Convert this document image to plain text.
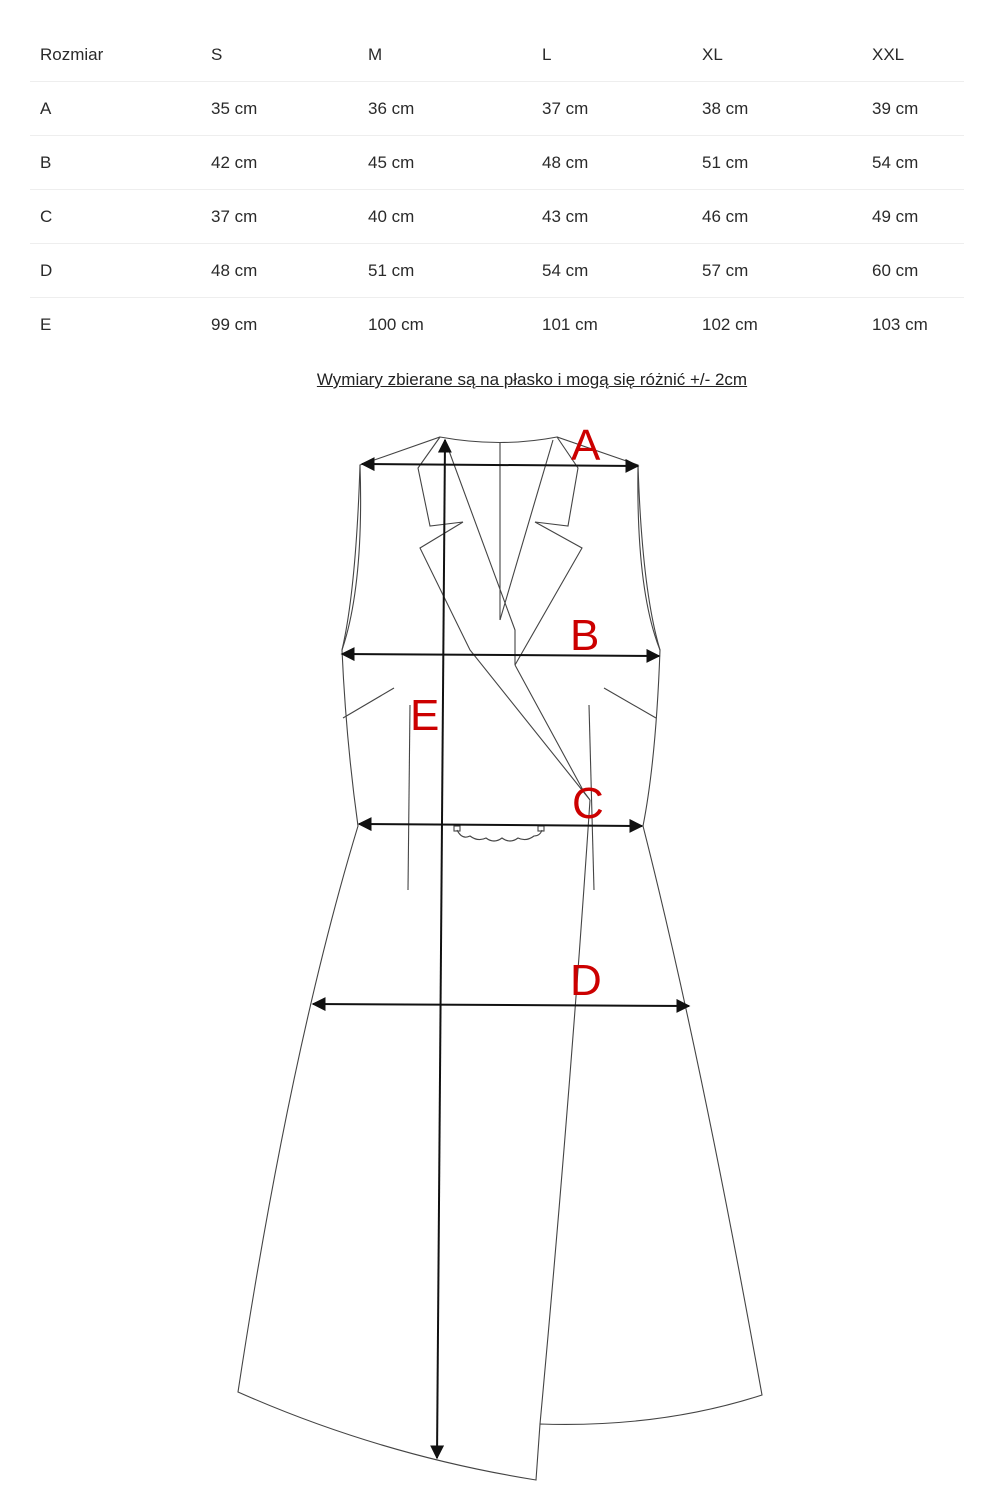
Rozmiar	S	M	L	XL	XXL
A	35 cm	36 cm	37 cm	38 cm	39 cm
B	42 cm	45 cm	48 cm	51 cm	54 cm
C	37 cm	40 cm	43 cm	46 cm	49 cm
D	48 cm	51 cm	54 cm	57 cm	60 cm
E	99 cm	100 cm	101 cm	102 cm	103 cm
Wymiary zbierane są na płasko i mogą się różnić +/- 2cm
A
B
C
D
E
